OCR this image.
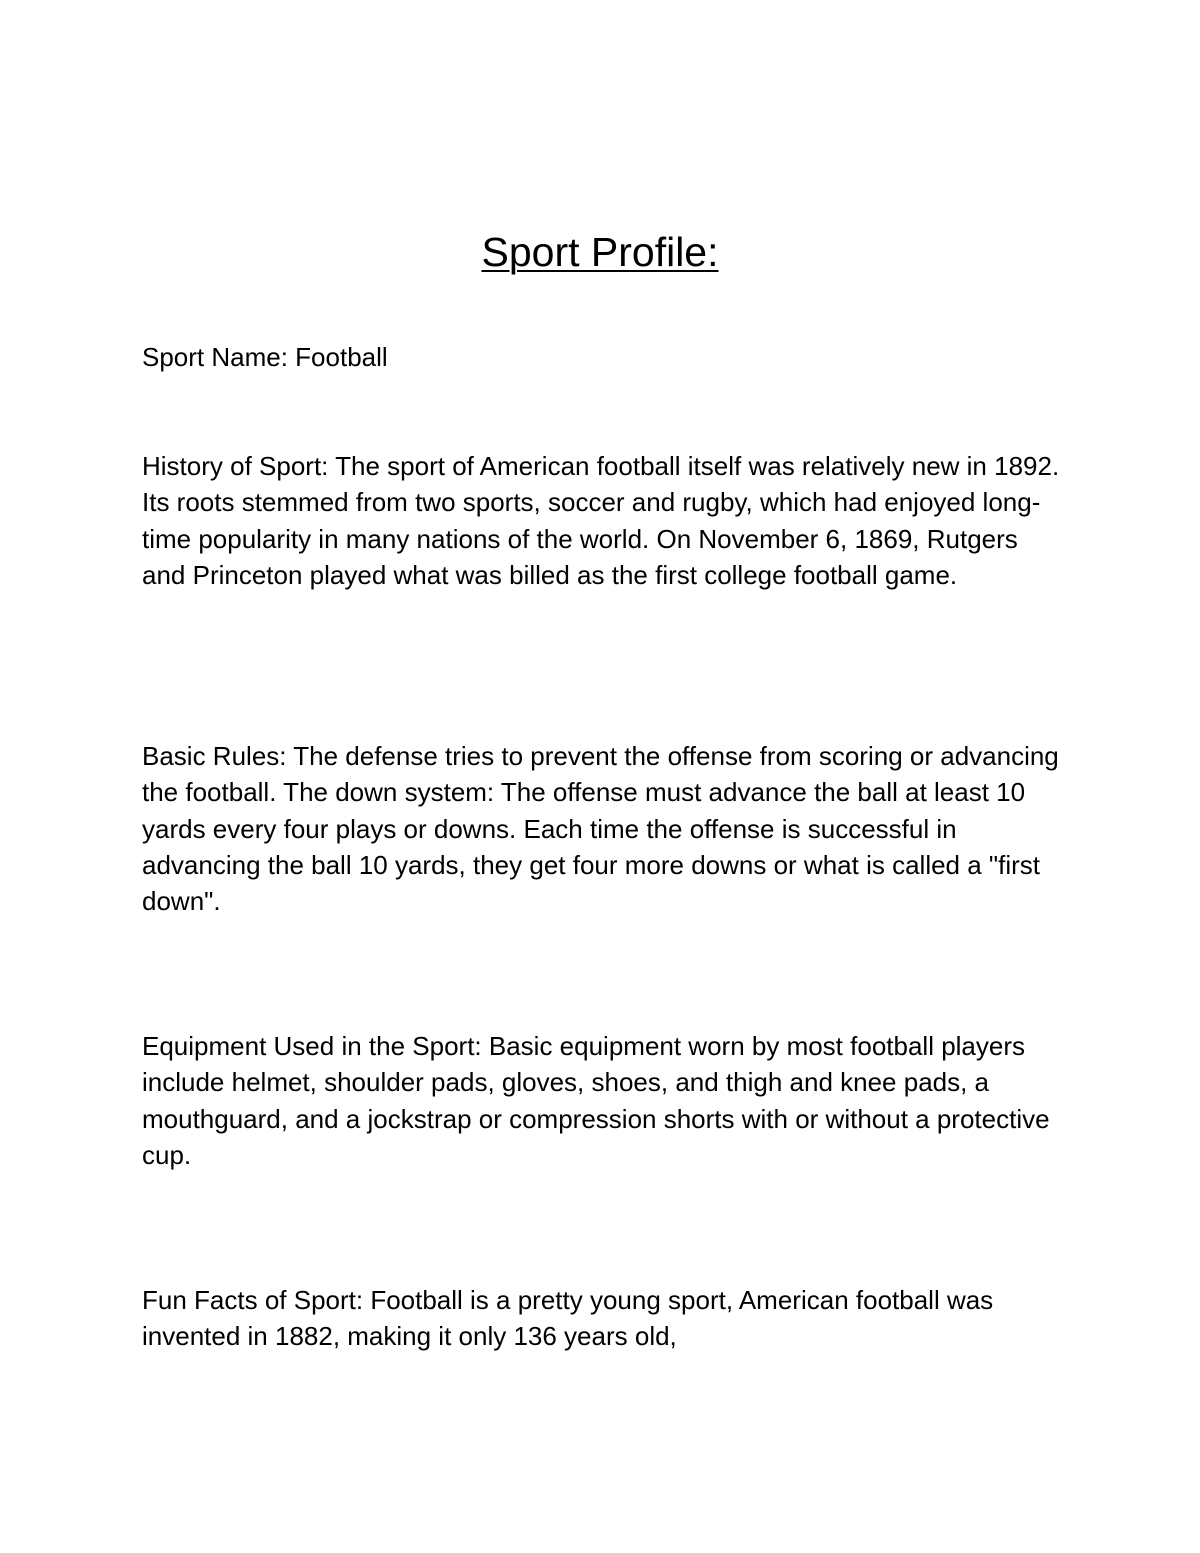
Sport Profile:

Sport Name: Football

History of Sport: The sport of American football itself was relatively new in 1892. Its roots stemmed from two sports, soccer and rugby, which had enjoyed long-time popularity in many nations of the world. On November 6, 1869, Rutgers and Princeton played what was billed as the first college football game.

Basic Rules: The defense tries to prevent the offense from scoring or advancing the football. The down system: The offense must advance the ball at least 10 yards every four plays or downs. Each time the offense is successful in advancing the ball 10 yards, they get four more downs or what is called a "first down".

Equipment Used in the Sport: Basic equipment worn by most football players include helmet, shoulder pads, gloves, shoes, and thigh and knee pads, a mouthguard, and a jockstrap or compression shorts with or without a protective cup.

Fun Facts of Sport: Football is a pretty young sport, American football was invented in 1882, making it only 136 years old,
